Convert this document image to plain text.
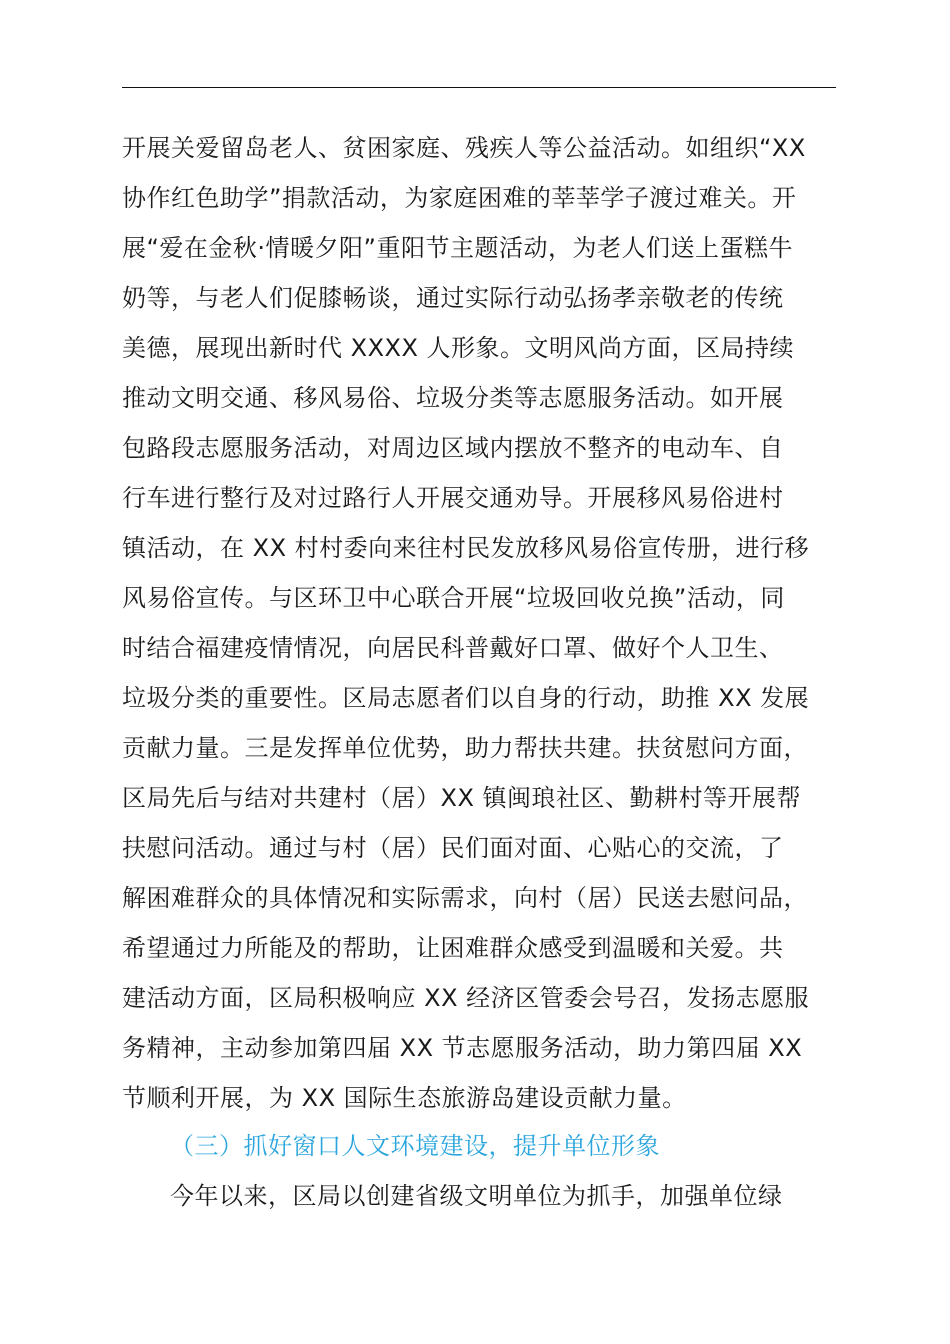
开展关爱留岛老人、贫困家庭、残疾人等公益活动。如组织“XX
协作红色助学”捐款活动，为家庭困难的莘莘学子渡过难关。开
展“爱在金秋·情暖夕阳”重阳节主题活动，为老人们送上蛋糕牛
奶等，与老人们促膝畅谈，通过实际行动弘扬孝亲敬老的传统
美德，展现出新时代 XXXX 人形象。文明风尚方面，区局持续
推动文明交通、移风易俗、垃圾分类等志愿服务活动。如开展
包路段志愿服务活动，对周边区域内摆放不整齐的电动车、自
行车进行整行及对过路行人开展交通劝导。开展移风易俗进村
镇活动，在 XX 村村委向来往村民发放移风易俗宣传册，进行移
风易俗宣传。与区环卫中心联合开展“垃圾回收兑换”活动，同
时结合福建疫情情况，向居民科普戴好口罩、做好个人卫生、
垃圾分类的重要性。区局志愿者们以自身的行动，助推 XX 发展
贡献力量。三是发挥单位优势，助力帮扶共建。扶贫慰问方面，
区局先后与结对共建村（居）XX 镇闽琅社区、勤耕村等开展帮
扶慰问活动。通过与村（居）民们面对面、心贴心的交流，了
解困难群众的具体情况和实际需求，向村（居）民送去慰问品，
希望通过力所能及的帮助，让困难群众感受到温暖和关爱。共
建活动方面，区局积极响应 XX 经济区管委会号召，发扬志愿服
务精神，主动参加第四届 XX 节志愿服务活动，助力第四届 XX
节顺利开展，为 XX 国际生态旅游岛建设贡献力量。
（三）抓好窗口人文环境建设，提升单位形象
今年以来，区局以创建省级文明单位为抓手，加强单位绿
